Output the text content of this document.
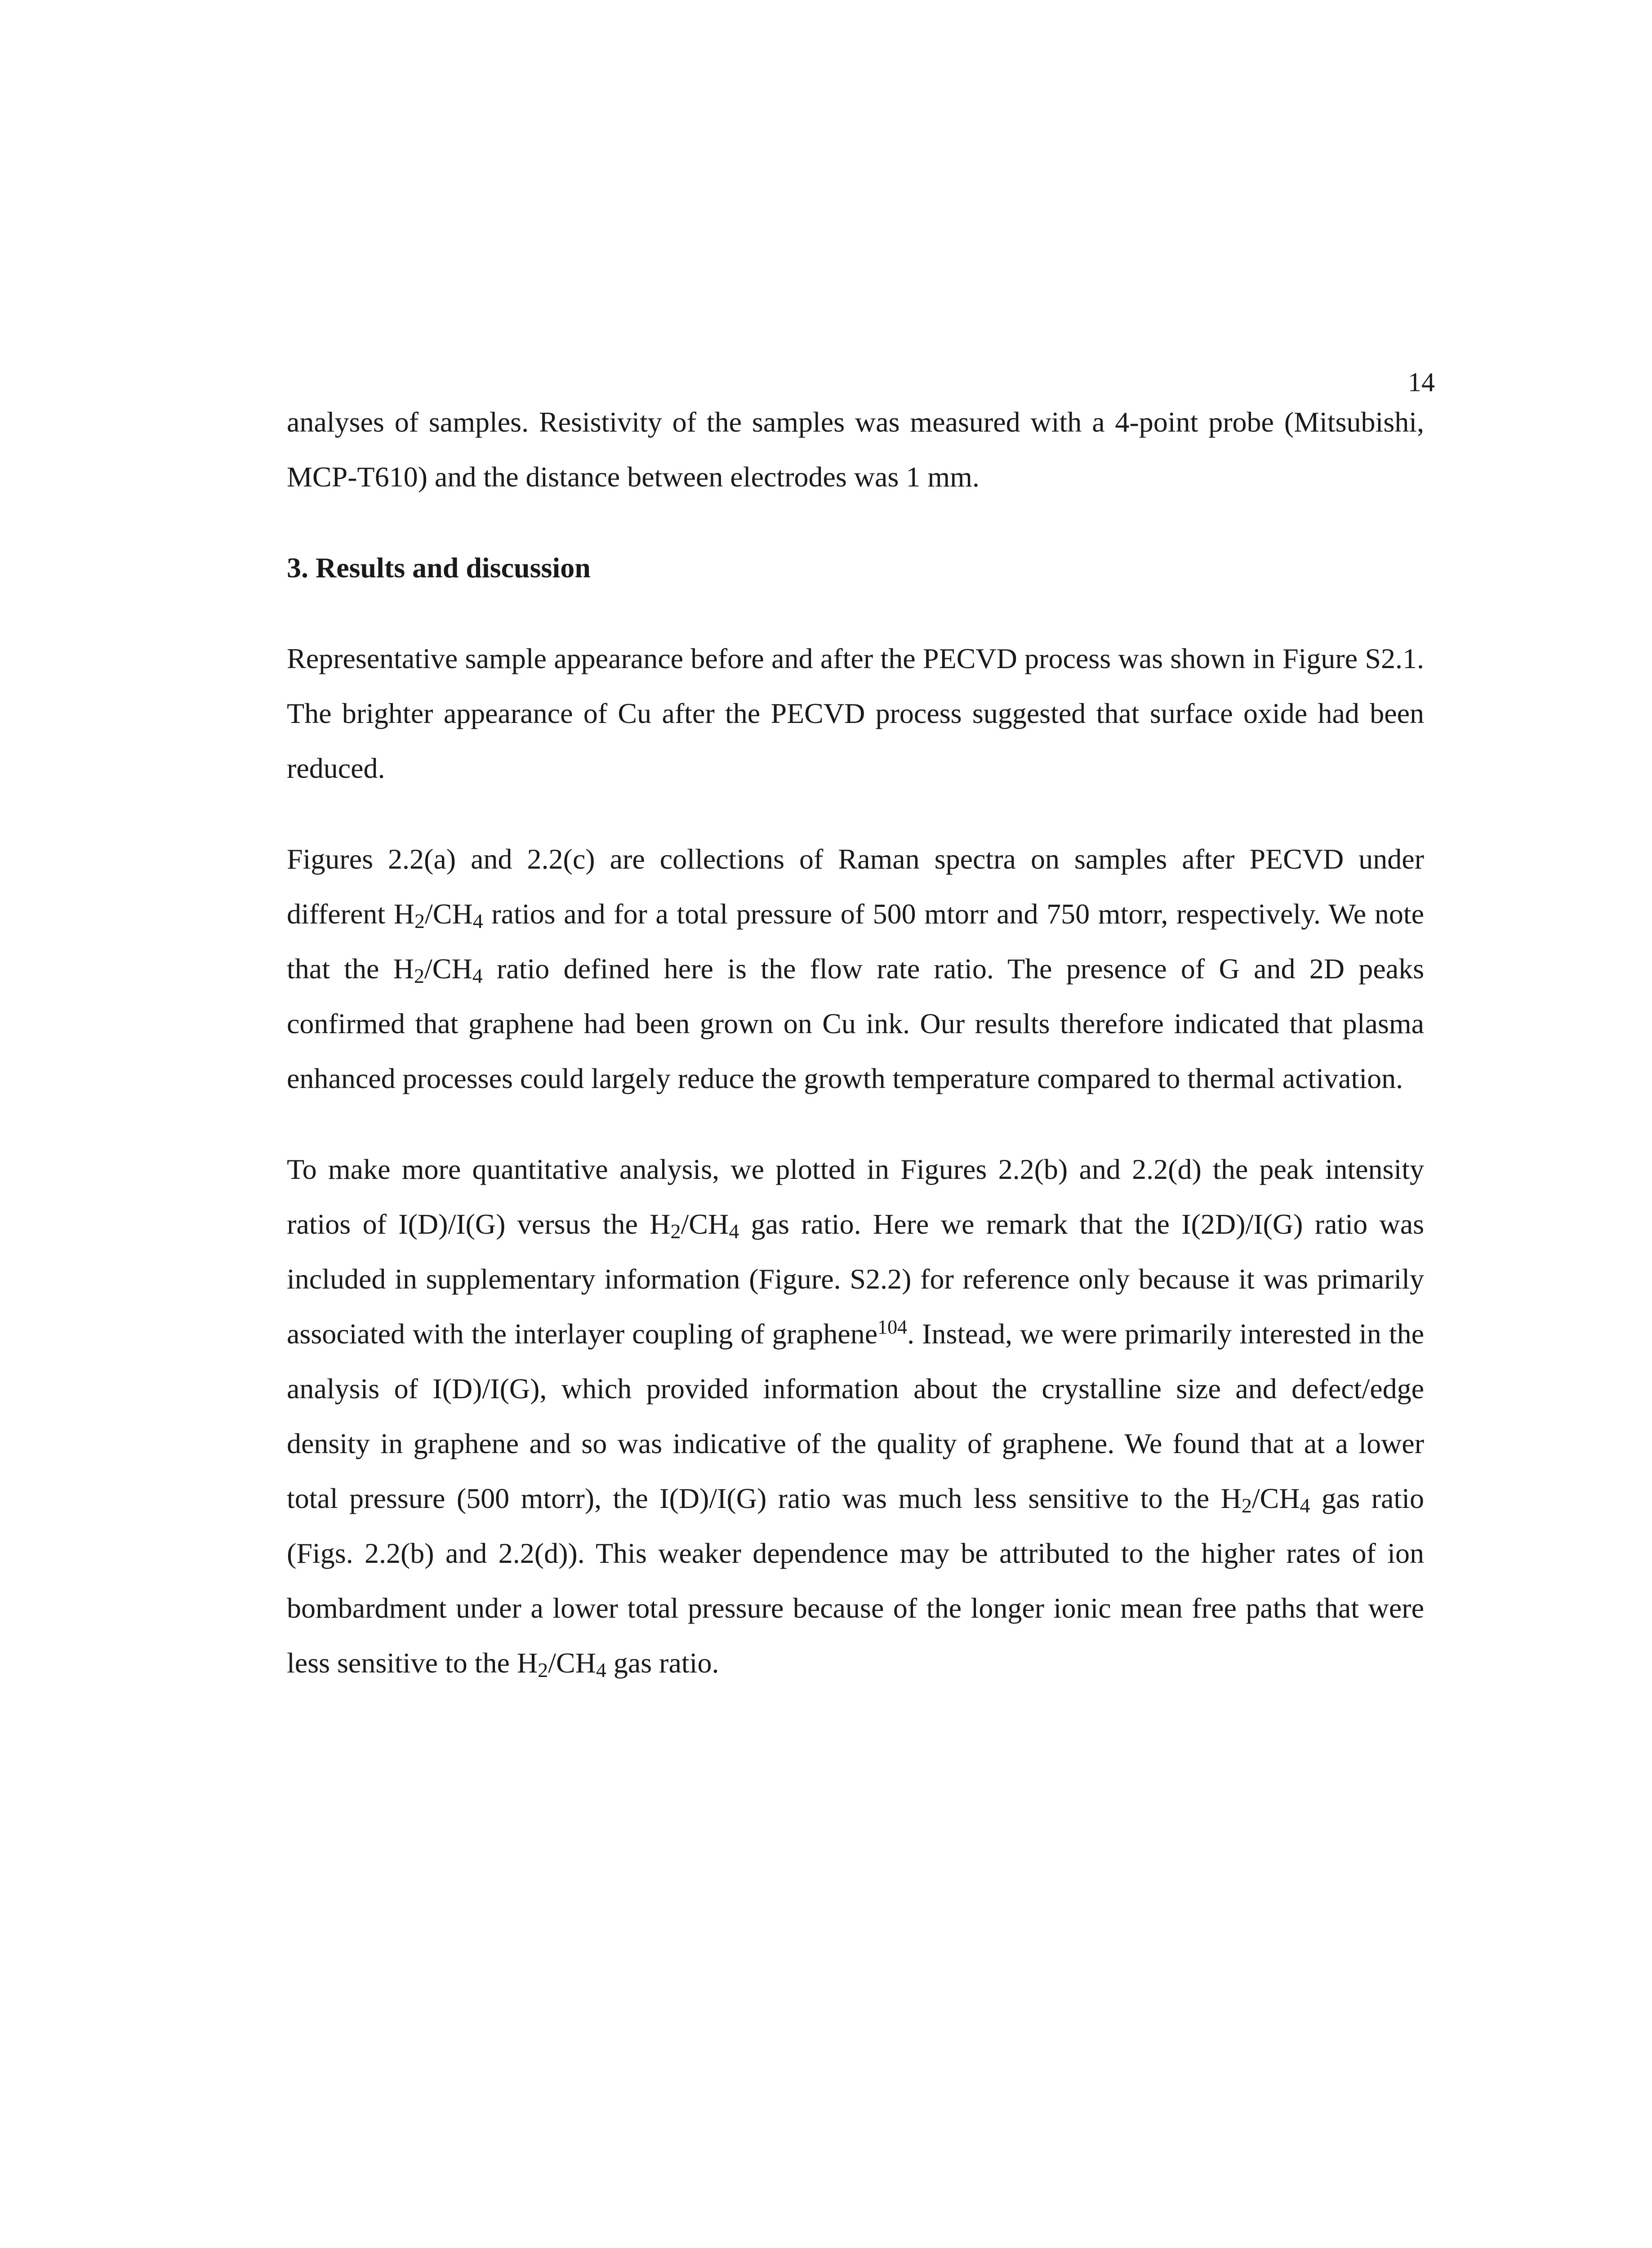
14

analyses of samples. Resistivity of the samples was measured with a 4-point probe (Mitsubishi, MCP-T610) and the distance between electrodes was 1 mm.

3. Results and discussion

Representative sample appearance before and after the PECVD process was shown in Figure S2.1. The brighter appearance of Cu after the PECVD process suggested that surface oxide had been reduced.

Figures 2.2(a) and 2.2(c) are collections of Raman spectra on samples after PECVD under different $H_2/CH_4$ ratios and for a total pressure of 500 mtorr and 750 mtorr, respectively. We note that the $H_2/CH_4$ ratio defined here is the flow rate ratio. The presence of G and 2D peaks confirmed that graphene had been grown on Cu ink. Our results therefore indicated that plasma enhanced processes could largely reduce the growth temperature compared to thermal activation.

To make more quantitative analysis, we plotted in Figures 2.2(b) and 2.2(d) the peak intensity ratios of I(D)/I(G) versus the $H_2/CH_4$ gas ratio. Here we remark that the I(2D)/I(G) ratio was included in supplementary information (Figure. S2.2) for reference only because it was primarily associated with the interlayer coupling of graphene$^{104}$. Instead, we were primarily interested in the analysis of I(D)/I(G), which provided information about the crystalline size and defect/edge density in graphene and so was indicative of the quality of graphene. We found that at a lower total pressure (500 mtorr), the I(D)/I(G) ratio was much less sensitive to the $H_2/CH_4$ gas ratio (Figs. 2.2(b) and 2.2(d)). This weaker dependence may be attributed to the higher rates of ion bombardment under a lower total pressure because of the longer ionic mean free paths that were less sensitive to the $H_2/CH_4$ gas ratio.
